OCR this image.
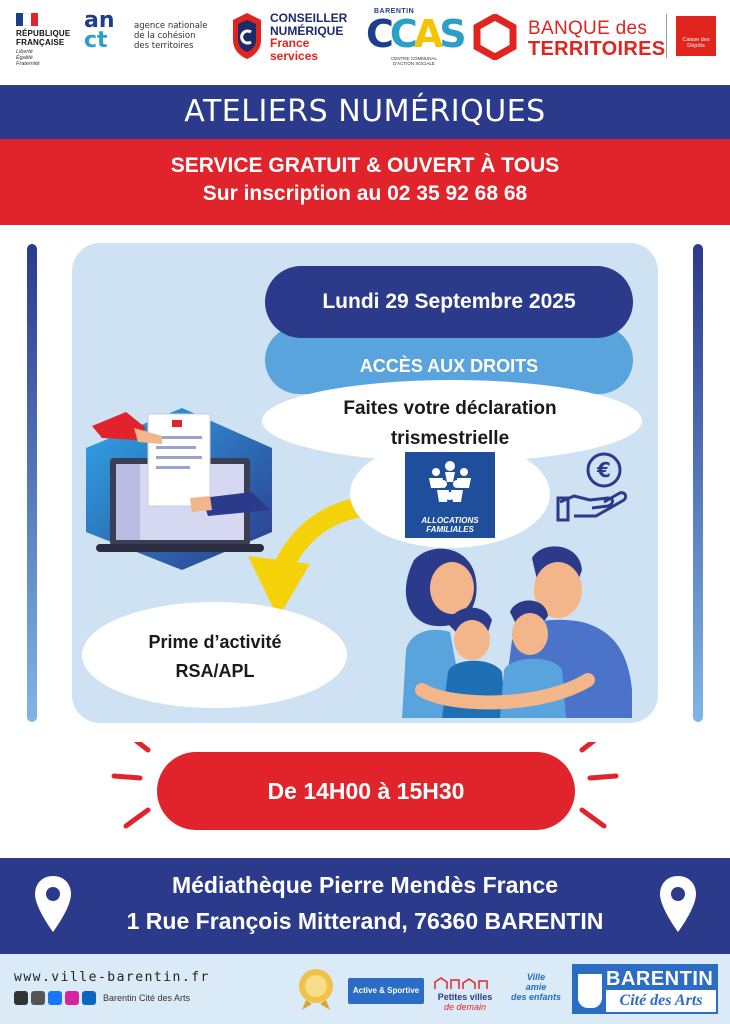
RÉPUBLIQUE
FRANÇAISE
Liberté
Égalité
Fraternité
an
ct
agence nationale
de la cohésion
des territoires
CONSEILLER
NUMÉRIQUE
France
services
BARENTIN
CCAS
CENTRE COMMUNAL
D'ACTION SOCIALE
BANQUE des
TERRITOIRES	Caisse des Dépôts
ATELIERS NUMÉRIQUES
SERVICE GRATUIT & OUVERT À TOUS
Sur inscription au 02 35 92 68 68
€
ACCÈS AUX DROITS
Lundi 29 Septembre 2025
Faites votre déclaration
trismestrielle
ALLOCATIONS
FAMILIALES
Prime d’activité
RSA/APL
De 14H00 à 15H30
Médiathèque Pierre Mendès France
1 Rue François Mitterand, 76360 BARENTIN
www.ville-barentin.fr
Barentin Cité des Arts
Active & Sportive
Petites villes
de demain
Ville
amie
des enfants
BARENTIN
Cité des Arts
